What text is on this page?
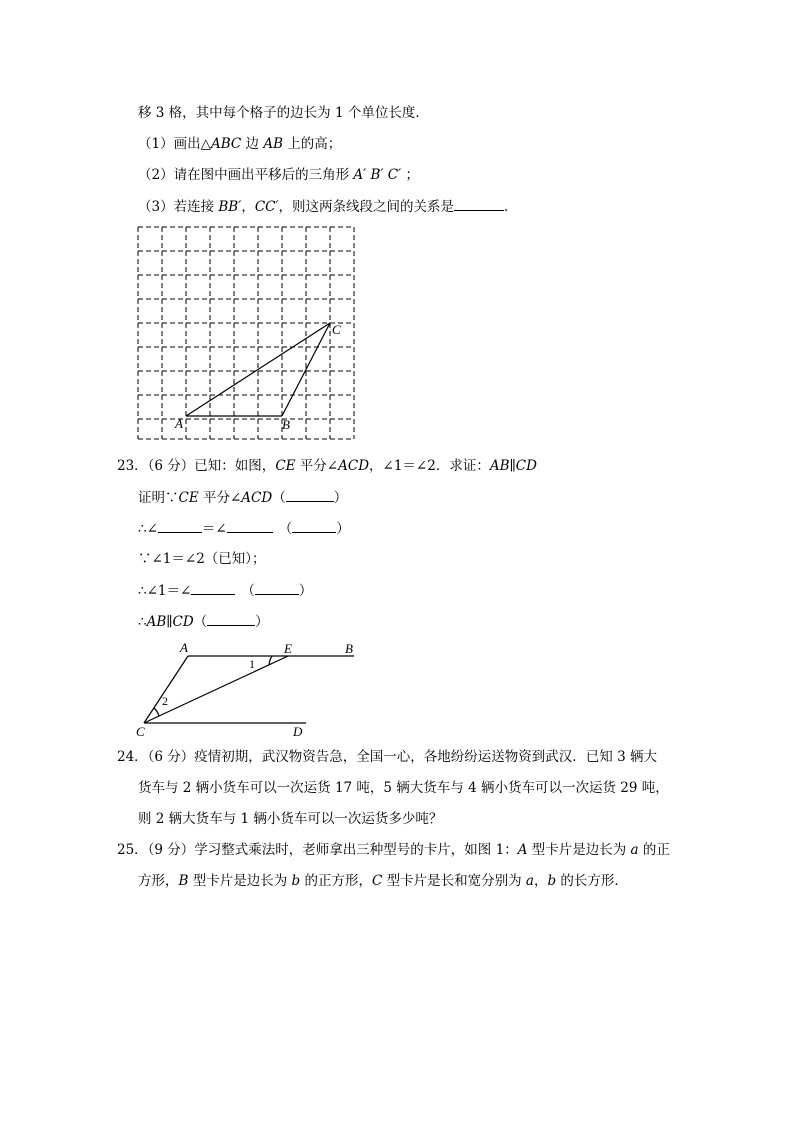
移 3 格，其中每个格子的边长为 1 个单位长度．
（1）画出△ABC 边 AB 上的高；
（2）请在图中画出平移后的三角形 A′ B′ C′ ；
（3）若连接 BB′，CC′，则这两条线段之间的关系是	．
A	B
C
23．（6 分）已知：如图，CE 平分∠ACD，∠1＝∠2．求证：AB∥CD
证明∵CE 平分∠ACD（	）
∴∠	＝∠	（	）
∵∠1＝∠2（已知）；
∴∠1＝∠	（	）
∴AB∥CD（	）
A	E	B
C	D
1
2
24．（6 分）疫情初期，武汉物资告急，全国一心，各地纷纷运送物资到武汉．已知 3 辆大
货车与 2 辆小货车可以一次运货 17 吨，5 辆大货车与 4 辆小货车可以一次运货 29 吨，
则 2 辆大货车与 1 辆小货车可以一次运货多少吨？
25．（9 分）学习整式乘法时，老师拿出三种型号的卡片，如图 1：A 型卡片是边长为 a 的正
方形，B 型卡片是边长为 b 的正方形，C 型卡片是长和宽分别为 a，b 的长方形．
